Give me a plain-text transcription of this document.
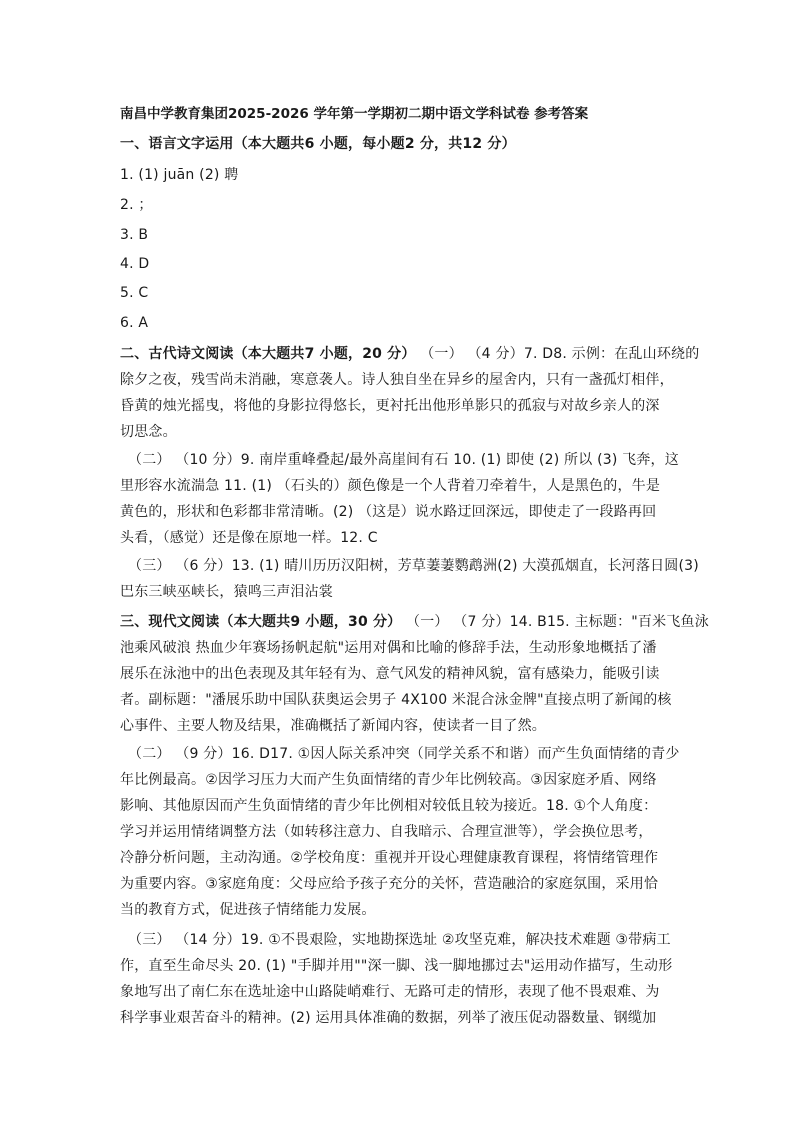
南昌中学教育集团2025-2026 学年第一学期初二期中语文学科试卷 参考答案
一、语言文字运用（本大题共6 小题，每小题2 分，共12 分）
1. (1) juān (2) 聘
2. ；
3. B
4. D
5. C
6. A
二、古代诗文阅读（本大题共7 小题，20 分） （一） （4 分）7. D8. 示例：在乱山环绕的
除夕之夜，残雪尚未消融，寒意袭人。诗人独自坐在异乡的屋舍内，只有一盏孤灯相伴，
昏黄的烛光摇曳，将他的身影拉得悠长，更衬托出他形单影只的孤寂与对故乡亲人的深
切思念。
（二） （10 分）9. 南岸重峰叠起/最外高崖间有石 10. (1) 即使 (2) 所以 (3) 飞奔，这
里形容水流湍急 11. (1) （石头的）颜色像是一个人背着刀牵着牛，人是黑色的，牛是
黄色的，形状和色彩都非常清晰。(2) （这是）说水路迂回深远，即使走了一段路再回
头看，（感觉）还是像在原地一样。12. C
（三） （6 分）13. (1) 晴川历历汉阳树，芳草萋萋鹦鹉洲(2) 大漠孤烟直，长河落日圆(3)
巴东三峡巫峡长，猿鸣三声泪沾裳
三、现代文阅读（本大题共9 小题，30 分） （一） （7 分）14. B15. 主标题："百米飞鱼泳
池乘风破浪 热血少年赛场扬帆起航"运用对偶和比喻的修辞手法，生动形象地概括了潘
展乐在泳池中的出色表现及其年轻有为、意气风发的精神风貌，富有感染力，能吸引读
者。副标题："潘展乐助中国队获奥运会男子 4X100 米混合泳金牌"直接点明了新闻的核
心事件、主要人物及结果，准确概括了新闻内容，使读者一目了然。
（二） （9 分）16. D17. ①因人际关系冲突（同学关系不和谐）而产生负面情绪的青少
年比例最高。②因学习压力大而产生负面情绪的青少年比例较高。③因家庭矛盾、网络
影响、其他原因而产生负面情绪的青少年比例相对较低且较为接近。18. ①个人角度：
学习并运用情绪调整方法（如转移注意力、自我暗示、合理宣泄等），学会换位思考，
冷静分析问题，主动沟通。②学校角度：重视并开设心理健康教育课程，将情绪管理作
为重要内容。③家庭角度：父母应给予孩子充分的关怀，营造融洽的家庭氛围，采用恰
当的教育方式，促进孩子情绪能力发展。
（三） （14 分）19. ①不畏艰险，实地勘探选址 ②攻坚克难，解决技术难题 ③带病工
作，直至生命尽头 20. (1) "手脚并用""深一脚、浅一脚地挪过去"运用动作描写，生动形
象地写出了南仁东在选址途中山路陡峭难行、无路可走的情形，表现了他不畏艰难、为
科学事业艰苦奋斗的精神。(2) 运用具体准确的数据，列举了液压促动器数量、钢缆加
